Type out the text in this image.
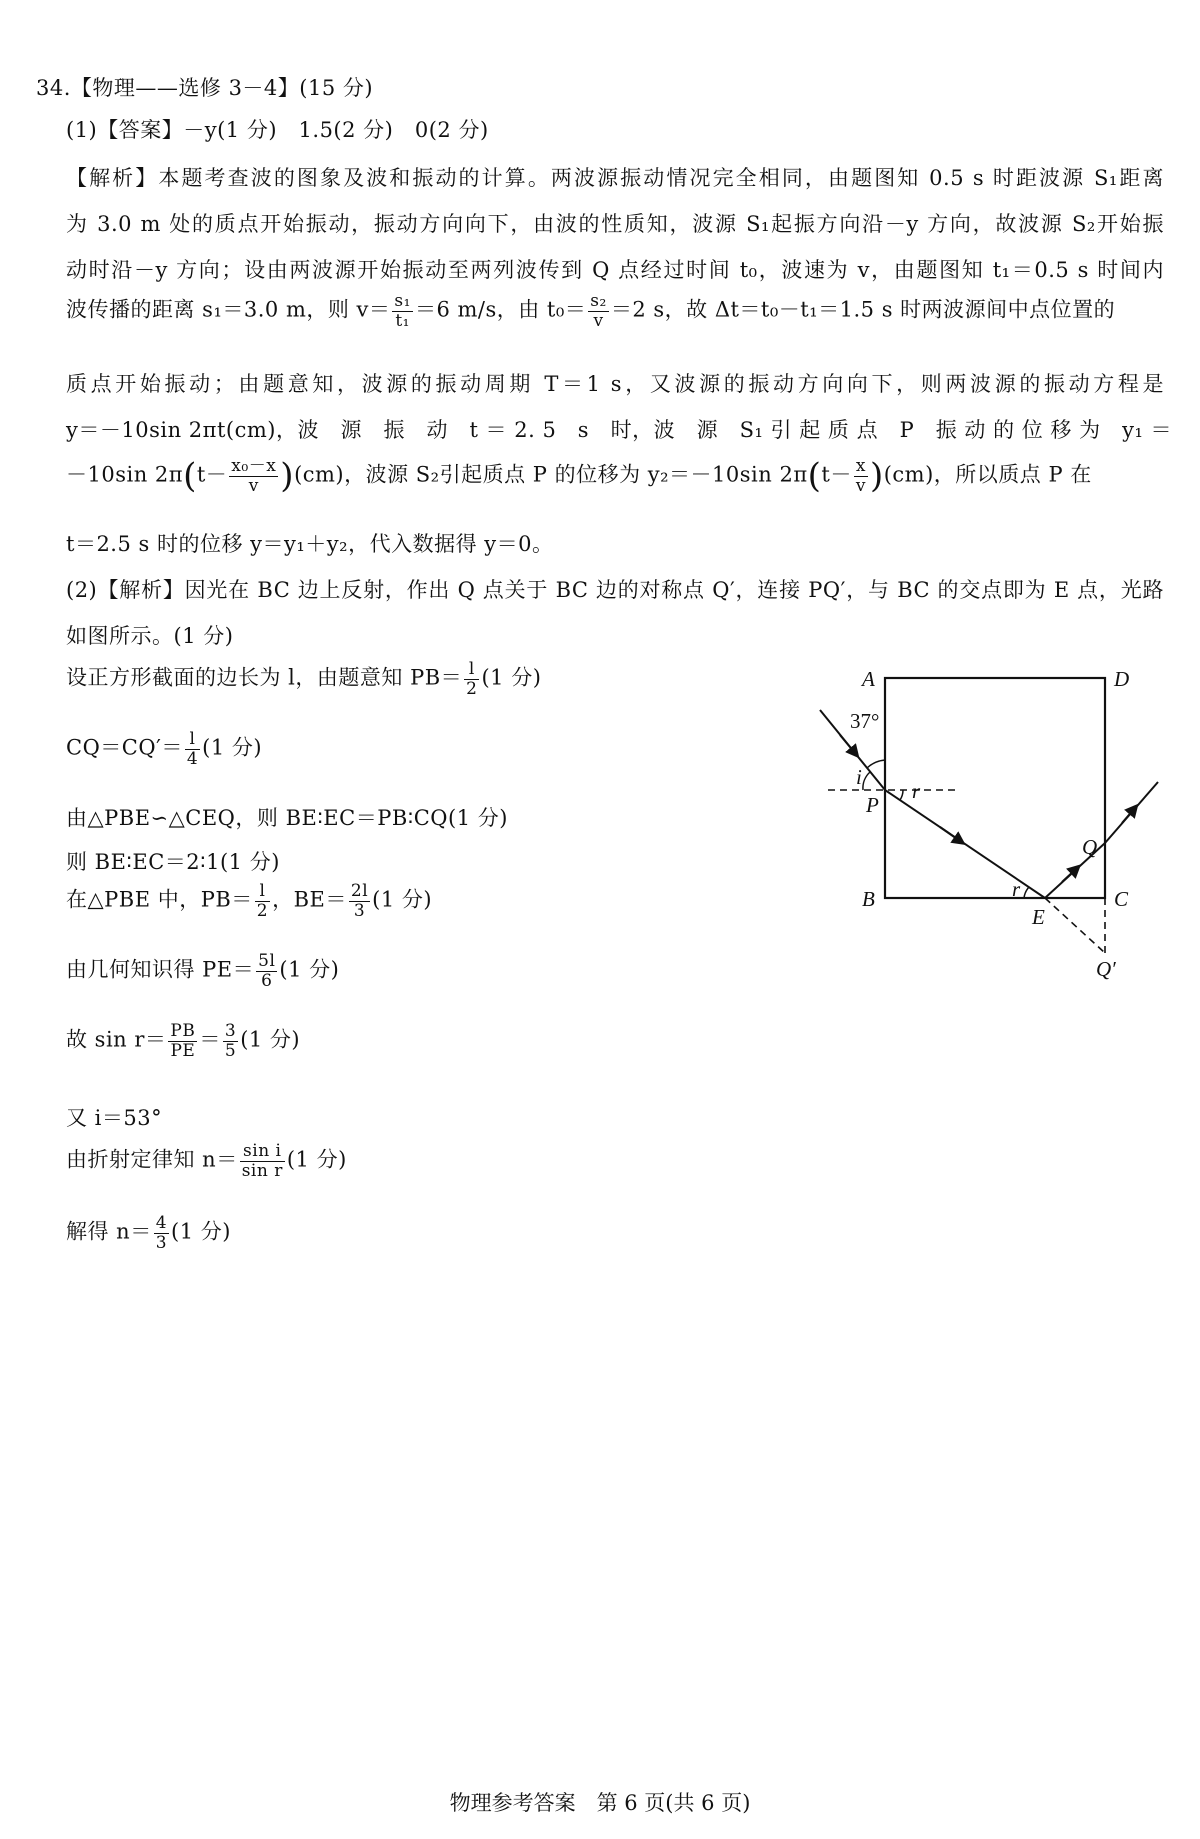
34.【物理——选修 3－4】(15 分)
(1)【答案】－y(1 分)　1.5(2 分)　0(2 分)
【解析】本题考查波的图象及波和振动的计算。两波源振动情况完全相同，由题图知 0.5 s 时距波源 S₁距离
为 3.0 m 处的质点开始振动，振动方向向下，由波的性质知，波源 S₁起振方向沿－y 方向，故波源 S₂开始振
动时沿－y 方向；设由两波源开始振动至两列波传到 Q 点经过时间 t₀，波速为 v，由题图知 t₁＝0.5 s 时间内
波传播的距离 s₁＝3.0 m，则 $v= \frac{\text{s₁}}{\text{t₁}} =6$ m/s，由 $t_0= \frac{\text{s₂}}{v} =2$ s，故 Δt＝t₀－t₁＝1.5 s 时两波源间中点位置的
质点开始振动；由题意知，波源的振动周期 T＝1 s，又波源的振动方向向下，则两波源的振动方程是
y＝－10sin 2πt(cm)，波　源　振　动　t ＝ 2. 5　s　时，波　源　S₁ 引 起 质 点　P　振 动 的 位 移 为　y₁ ＝
－10sin $2\pi(t- \frac{\text{x₀－x}}{v} )(cm)$，波源 S₂引起质点 P 的位移为 y₂＝－10sin $2\pi(t- \frac{x}{v} )(cm)$，所以质点 P 在
t＝2.5 s 时的位移 y＝y₁＋y₂，代入数据得 y＝0。
(2)【解析】因光在 BC 边上反射，作出 Q 点关于 BC 边的对称点 Q′，连接 PQ′，与 BC 的交点即为 E 点，光路
如图所示。(1 分)
设正方形截面的边长为 l，由题意知 $PB= \frac{l}{2} (1$ 分)
$CQ=CQ'= \frac{l}{4} (1$ 分)
由△PBE∽△CEQ，则 BE∶EC＝PB∶CQ(1 分)
则 BE∶EC＝2∶1(1 分)
在△PBE 中，$PB= \frac{l}{2}$ ，$BE= \frac{2l}{3} (1$ 分)
由几何知识得 $PE= \frac{5l}{6} (1$ 分)
故 $\sin r= \frac{PB}{PE} = \frac{3}{5} (1$ 分)
又 i＝53°
由折射定律知 $n= \frac{\text{sin i}}{\text{sin r}} (1$ 分)
解得 $n= \frac{4}{3} (1$ 分)
A	D
B	C
37°
i
P
r
Q
r
E
Q′
物理参考答案　第 6 页(共 6 页)
